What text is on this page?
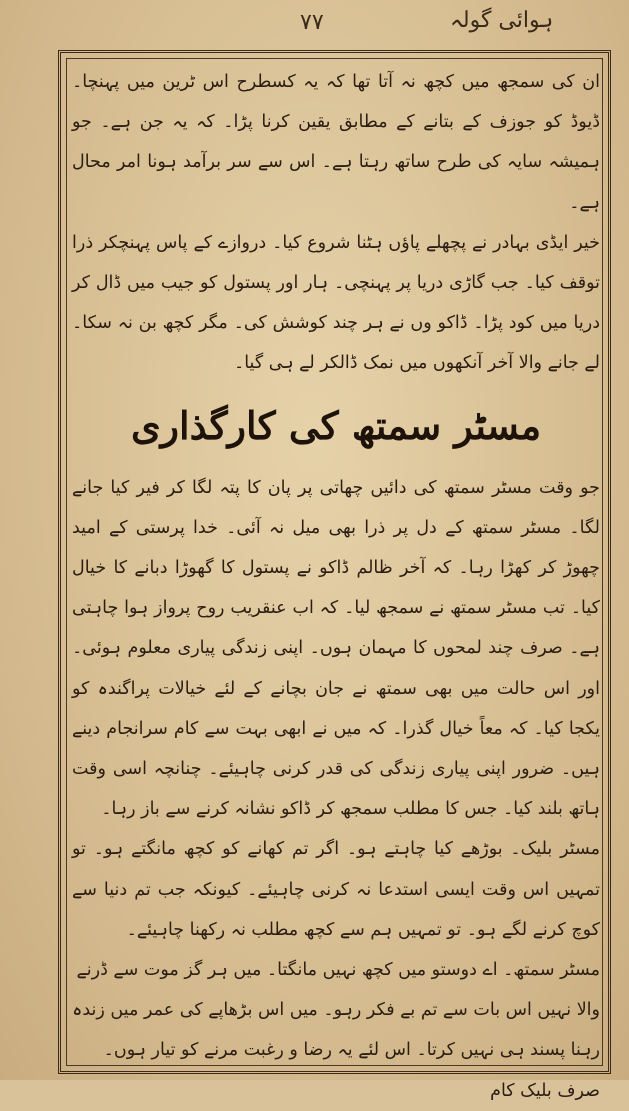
۷۷	ہوائی گولہ

ان کی سمجھ میں کچھ نہ آتا تھا کہ یہ کسطرح اس ٹرین میں پہنچا۔ ڈیوڈ کو جوزف کے بتانے کے مطابق یقین کرنا پڑا۔ کہ یہ جن ہے۔ جو ہمیشہ سایہ کی طرح ساتھ رہتا ہے۔ اس سے سر برآمد ہونا امر محال ہے۔

خیر ایڈی بہادر نے پچھلے پاؤں ہٹنا شروع کیا۔ دروازے کے پاس پہنچکر ذرا توقف کیا۔ جب گاڑی دریا پر پہنچی۔ ہار اور پستول کو جیب میں ڈال کر دریا میں کود پڑا۔ ڈاکو وں نے ہر چند کوشش کی۔ مگر کچھ بن نہ سکا۔ لے جانے والا آخر آنکھوں میں نمک ڈالکر لے ہی گیا۔

مسٹر سمتھ کی کارگذاری

جو وقت مسٹر سمتھ کی دائیں چھاتی پر پان کا پتہ لگا کر فیر کیا جانے لگا۔ مسٹر سمتھ کے دل پر ذرا بھی میل نہ آئی۔ خدا پرستی کے امید چھوڑ کر کھڑا رہا۔ کہ آخر ظالم ڈاکو نے پستول کا گھوڑا دبانے کا خیال کیا۔ تب مسٹر سمتھ نے سمجھ لیا۔ کہ اب عنقریب روح پرواز ہوا چاہتی ہے۔ صرف چند لمحوں کا مہمان ہوں۔ اپنی زندگی پیاری معلوم ہوئی۔ اور اس حالت میں بھی سمتھ نے جان بچانے کے لئے خیالات پراگندہ کو یکجا کیا۔ کہ معاً خیال گذرا۔ کہ میں نے ابھی بہت سے کام سرانجام دینے ہیں۔ ضرور اپنی پیاری زندگی کی قدر کرنی چاہیئے۔ چنانچہ اسی وقت ہاتھ بلند کیا۔ جس کا مطلب سمجھ کر ڈاکو نشانہ کرنے سے باز رہا۔

مسٹر بلیک۔ بوڑھے کیا چاہتے ہو۔ اگر تم کھانے کو کچھ مانگتے ہو۔ تو تمہیں اس وقت ایسی استدعا نہ کرنی چاہیئے۔ کیونکہ جب تم دنیا سے کوچ کرنے لگے ہو۔ تو تمہیں ہم سے کچھ مطلب نہ رکھنا چاہیئے۔

مسٹر سمتھ۔ اے دوستو میں کچھ نہیں مانگتا۔ میں ہر گز موت سے ڈرنے والا نہیں اس بات سے تم بے فکر رہو۔ میں اس بڑھاپے کی عمر میں زندہ رہنا پسند ہی نہیں کرتا۔ اس لئے یہ رضا و رغبت مرنے کو تیار ہوں۔ صرف بلیک کام
